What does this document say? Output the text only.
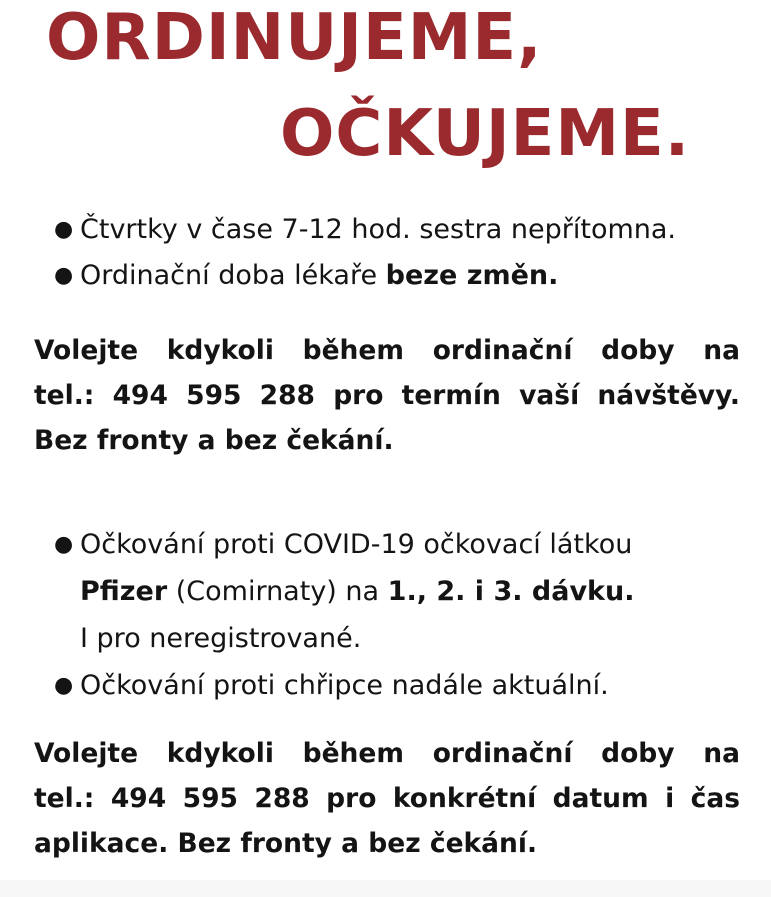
ORDINUJEME,
OČKUJEME.
● Čtvrtky v čase 7-12 hod. sestra nepřítomna.
● Ordinační doba lékaře beze změn.

Volejte kdykoli během ordinační doby na
tel.: 494 595 288 pro termín vaší návštěvy.
Bez fronty a bez čekání.

● Očkování proti COVID-19 očkovací látkou
Pfizer (Comirnaty) na 1., 2. i 3. dávku.
I pro neregistrované.
● Očkování proti chřipce nadále aktuální.

Volejte kdykoli během ordinační doby na
tel.: 494 595 288 pro konkrétní datum i čas
aplikace. Bez fronty a bez čekání.
